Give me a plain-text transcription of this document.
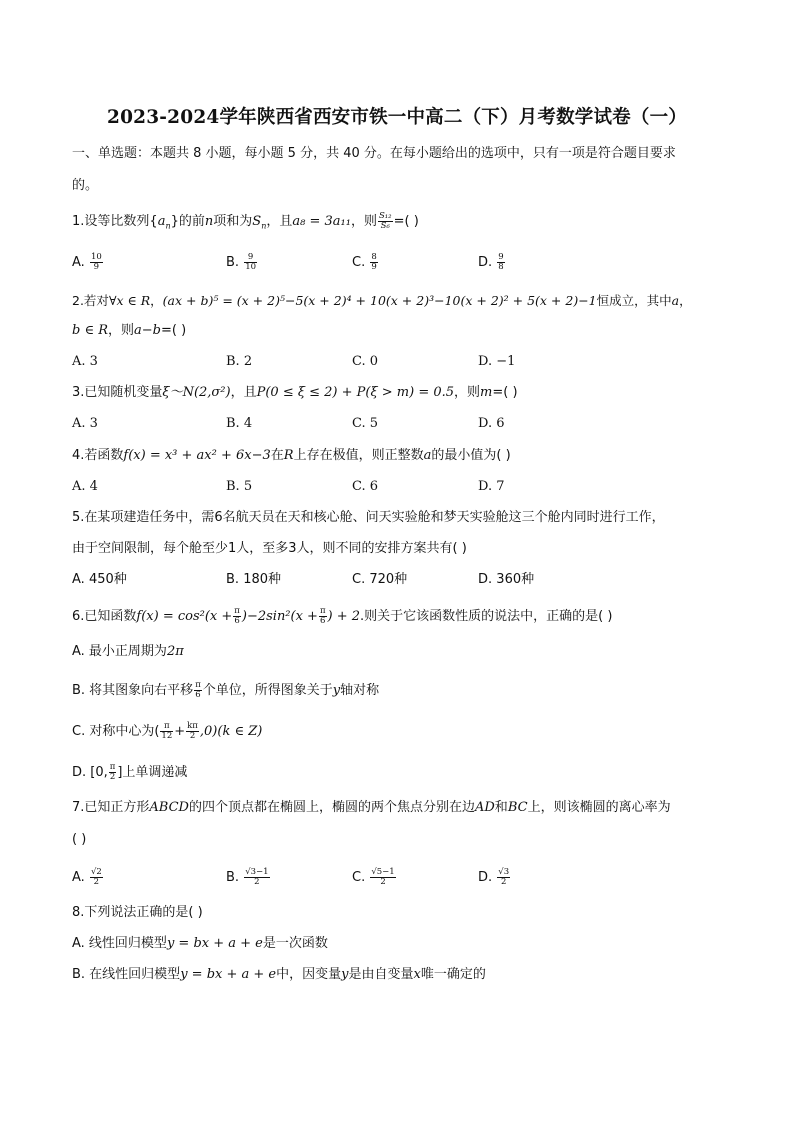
2023-2024学年陕西省西安市铁一中高二（下）月考数学试卷（一）
一、单选题：本题共 8 小题，每小题 5 分，共 40 分。在每小题给出的选项中，只有一项是符合题目要求
的。
1.设等比数列$\{a_n\}$的前n项和为$S_n$，且a₈ = 3a₁₁，则 $\frac{\text{S₁₂}}{\text{S₆}}$ =( )
A. $\frac{10}{9}$	B. $\frac{9}{10}$	C. $\frac{8}{9}$	D. $\frac{9}{8}$
2.若对∀x ∈ R，(ax + b)⁵ = (x + 2)⁵−5(x + 2)⁴ + 10(x + 2)³−10(x + 2)² + 5(x + 2)−1恒成立，其中a，
b ∈ R，则a−b=( )
A. 3	B. 2	C. 0	D. −1
3.已知随机变量ξ～N(2,σ²)，且P(0 ≤ ξ ≤ 2) + P(ξ > m) = 0.5，则m=( )
A. 3	B. 4	C. 5	D. 6
4.若函数f(x) = x³ + ax² + 6x−3在R上存在极值，则正整数a的最小值为( )
A. 4	B. 5	C. 6	D. 7
5.在某项建造任务中，需6名航天员在天和核心舱、问天实验舱和梦天实验舱这三个舱内同时进行工作，
由于空间限制，每个舱至少1人，至多3人，则不同的安排方案共有( )
A. 450种	B. 180种	C. 720种	D. 360种
6.已知函数$f(x) = \cos^2(x + \frac{\pi}{6} )-2\sin^2(x + \frac{\pi}{6}$ ) + 2.则关于它该函数性质的说法中，正确的是( )
A. 最小正周期为2π
B. 将其图象向右平移 $\frac{\pi}{6}$ 个单位，所得图象关于y轴对称
C. 对称中心为( $\frac{\pi}{12} + \frac{k\pi}{2} ,0)(k$ ∈ Z)
D. [0, $\frac{\pi}{2}$ ]上单调递减
7.已知正方形ABCD的四个顶点都在椭圆上，椭圆的两个焦点分别在边AD和BC上，则该椭圆的离心率为
( )
A. $\frac{√2}{2}$	B. $\frac{√3-1}{2}$	C. $\frac{√5-1}{2}$	D. $\frac{√3}{2}$
8.下列说法正确的是( )
A. 线性回归模型y = bx + a + e是一次函数
B. 在线性回归模型y = bx + a + e中，因变量y是由自变量x唯一确定的
